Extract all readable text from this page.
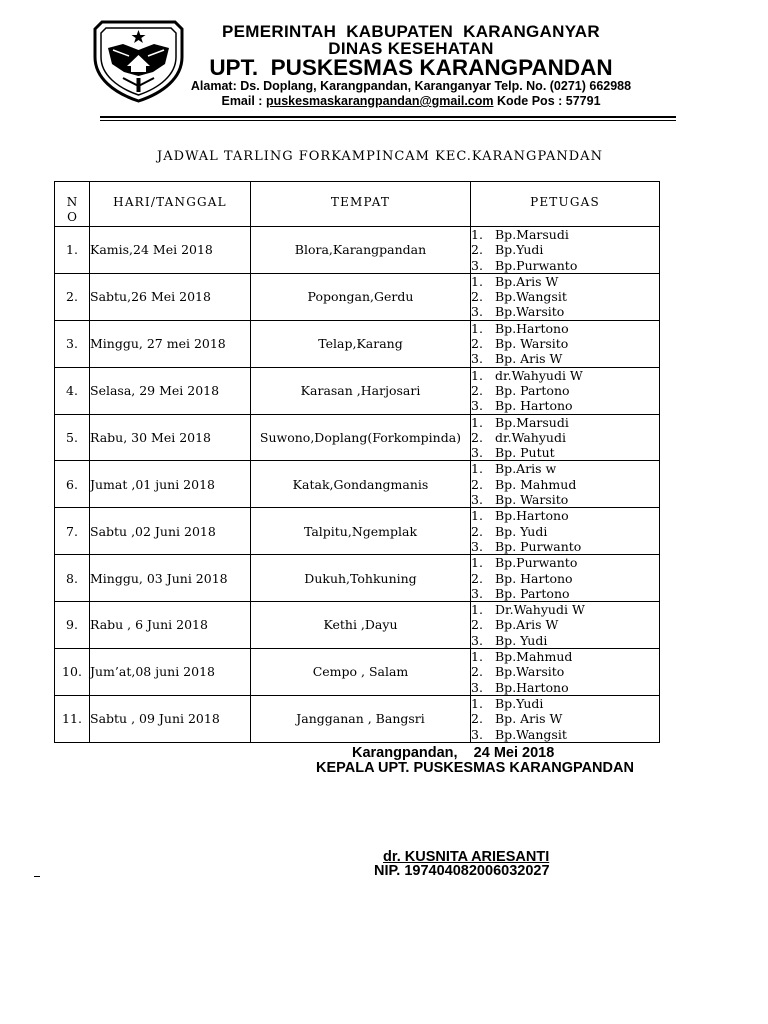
PEMERINTAH  KABUPATEN  KARANGANYAR
DINAS KESEHATAN
UPT.  PUSKESMAS KARANGPANDAN
Alamat: Ds. Doplang, Karangpandan, Karanganyar Telp. No. (0271) 662988
Email : puskesmaskarangpandan@gmail.com Kode Pos : 57791
JADWAL TARLING FORKAMPINCAM KEC.KARANGPANDAN
NO	HARI/TANGGAL	TEMPAT	PETUGAS
1.	Kamis,24 Mei 2018	Blora,Karangpandan	1. Bp.Marsudi
2. Bp.Yudi
3. Bp.Purwanto

2.	Sabtu,26 Mei 2018	Popongan,Gerdu	1. Bp.Aris W
2. Bp.Wangsit
3. Bp.Warsito

3.	Minggu, 27 mei 2018	Telap,Karang	1. Bp.Hartono
2. Bp. Warsito
3. Bp. Aris W

4.	Selasa, 29 Mei 2018	Karasan ,Harjosari	1. dr.Wahyudi W
2. Bp. Partono
3. Bp. Hartono

5.	Rabu, 30 Mei 2018	Suwono,Doplang(Forkompinda)	1. Bp.Marsudi
2. dr.Wahyudi
3. Bp. Putut

6.	Jumat ,01 juni 2018	Katak,Gondangmanis	1. Bp.Aris w
2. Bp. Mahmud
3. Bp. Warsito

7.	Sabtu ,02 Juni 2018	Talpitu,Ngemplak	1. Bp.Hartono
2. Bp. Yudi
3. Bp. Purwanto

8.	Minggu, 03 Juni 2018	Dukuh,Tohkuning	1. Bp.Purwanto
2. Bp. Hartono
3. Bp. Partono

9.	Rabu , 6 Juni 2018	Kethi ,Dayu	1. Dr.Wahyudi W
2. Bp.Aris W
3. Bp. Yudi

10.	Jum’at,08 juni 2018	Cempo , Salam	1. Bp.Mahmud
2. Bp.Warsito
3. Bp.Hartono

11.	Sabtu , 09 Juni 2018	Jangganan , Bangsri	1. Bp.Yudi
2. Bp. Aris W
3. Bp.Wangsit
Karangpandan,    24 Mei 2018
KEPALA UPT. PUSKESMAS KARANGPANDAN
dr. KUSNITA ARIESANTI
NIP. 197404082006032027
